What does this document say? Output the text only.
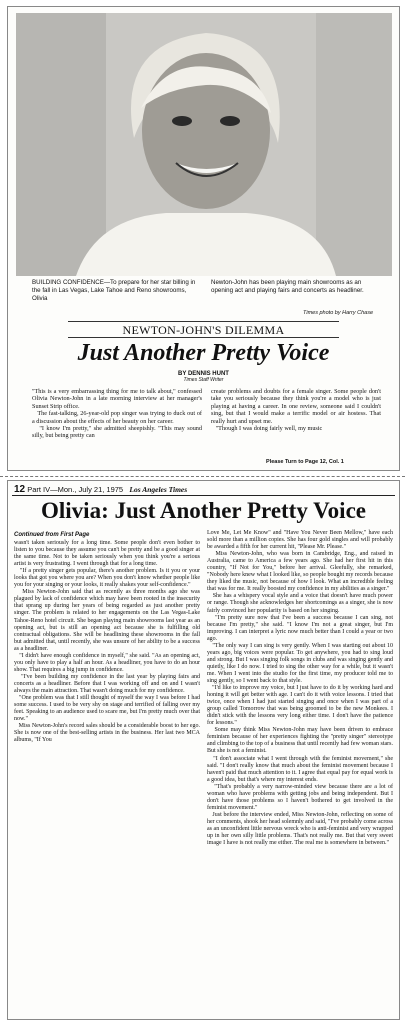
BUILDING CONFIDENCE—To prepare for her star billing in the fall in Las Vegas, Lake Tahoe and Reno showrooms, Olivia
Newton-John has been playing main showrooms as an opening act and playing fairs and concerts as headliner.
Times photo by Harry Chase
NEWTON-JOHN'S DILEMMA
Just Another Pretty Voice
BY DENNIS HUNT
Times Staff Writer
"This is a very embarrassing thing for me to talk about," confessed Olivia Newton-John in a late morning interview at her manager's Sunset Strip office.
The fast-talking, 26-year-old pop singer was trying to duck out of a discussion about the effects of her beauty on her career.
"I know I'm pretty," she admitted sheepishly. "This may sound silly, but being pretty can
create problems and doubts for a female singer. Some people don't take you seriously because they think you're a model who is just playing at having a career. In one review, someone said I couldn't sing, but that I would make a terrific model or air hostess. That really hurt and upset me.
"Though I was doing fairly well, my music
Please Turn to Page 12, Col. 1
12 Part IV—Mon., July 21, 1975 Los Angeles Times
Olivia: Just Another Pretty Voice
Continued from First Page
wasn't taken seriously for a long time. Some people don't even bother to listen to you because they assume you can't be pretty and be a good singer at the same time. Not to be taken seriously when you think you're a serious artist is very frustrating. I went through that for a long time.
"If a pretty singer gets popular, there's another problem. Is it you or your looks that got you where you are? When you don't know whether people like you for your singing or your looks, it really shakes your self-confidence."
Miss Newton-John said that as recently as three months ago she was plagued by lack of confidence which may have been rooted in the insecurity that sprang up during her years of being regarded as just another pretty singer. The problem is related to her engagements on the Las Vegas-Lake Tahoe-Reno hotel circuit. She began playing main showrooms last year as an opening act, but is still an opening act because she is fulfilling old contractual obligations. She will be headlining these showrooms in the fall but admitted that, until recently, she was unsure of her ability to be a success as a headliner.
"I didn't have enough confidence in myself," she said. "As an opening act, you only have to play a half an hour. As a headliner, you have to do an hour show. That requires a big jump in confidence.
"I've been building my confidence in the last year by playing fairs and concerts as a headliner. Before that I was working off and on and I wasn't always the main attraction. That wasn't doing much for my confidence.
"One problem was that I still thought of myself the way I was before I had some success. I used to be very shy on stage and terrified of falling over my feet. Speaking to an audience used to scare me, but I'm pretty much over that now."
Miss Newton-John's record sales should be a considerable boost to her ego. She is now one of the best-selling artists in the business. Her last two MCA albums, "If You
Love Me, Let Me Know" and "Have You Never Been Mellow," have each sold more than a million copies. She has four gold singles and will probably be awarded a fifth for her current hit, "Please Mr. Please."
Miss Newton-John, who was born in Cambridge, Eng., and raised in Australia, came to America a few years ago. She had her first hit in this country, "If Not for You," before her arrival. Gleefully, she remarked, "Nobody here knew what I looked like, so people bought my records because they liked the music, not because of how I look. What an incredible feeling that was for me. It really boosted my confidence in my abilities as a singer."
She has a whispery vocal style and a voice that doesn't have much power or range. Though she acknowledges her shortcomings as a singer, she is now fairly convinced her popularity is based on her singing.
"I'm pretty sure now that I've been a success because I can sing, not because I'm pretty," she said. "I know I'm not a great singer, but I'm improving. I can interpret a lyric now much better than I could a year or two ago.
"The only way I can sing is very gently. When I was starting out about 10 years ago, big voices were popular. To get anywhere, you had to sing loud and strong. But I was singing folk songs in clubs and was singing gently and quietly, like I do now. I tried to sing the other way for a while, but it wasn't me. When I went into the studio for the first time, my producer told me to sing gently, so I went back to that style.
"I'd like to improve my voice, but I just have to do it by working hard and honing it will get better with age. I can't do it with voice lessons. I tried that twice, once when I had just started singing and once when I was part of a group called Tomorrow that was being groomed to be the new Monkees. I didn't stick with the lessons very long either time. I don't have the patience for lessons."
Some may think Miss Newton-John may have been driven to embrace feminism because of her experiences fighting the "pretty singer" stereotype and climbing to the top of a business that until recently had few woman stars. But she is not a feminist.
"I don't associate what I went through with the feminist movement," she said. "I don't really know that much about the feminist movement because I haven't paid that much attention to it. I agree that equal pay for equal work is a good idea, but that's where my interest ends.
"That's probably a very narrow-minded view because there are a lot of woman who have problems with getting jobs and being independent. But I don't have those problems so I haven't bothered to get involved in the feminist movement."
Just before the interview ended, Miss Newton-John, reflecting on some of her comments, shook her head solemnly and said, "I've probably come across as an unconfident little nervous wreck who is anti-feminist and very wrapped up in her own silly little problems. That's not really me. But that very sweet image I have is not really me either. The real me is somewhere in between."
